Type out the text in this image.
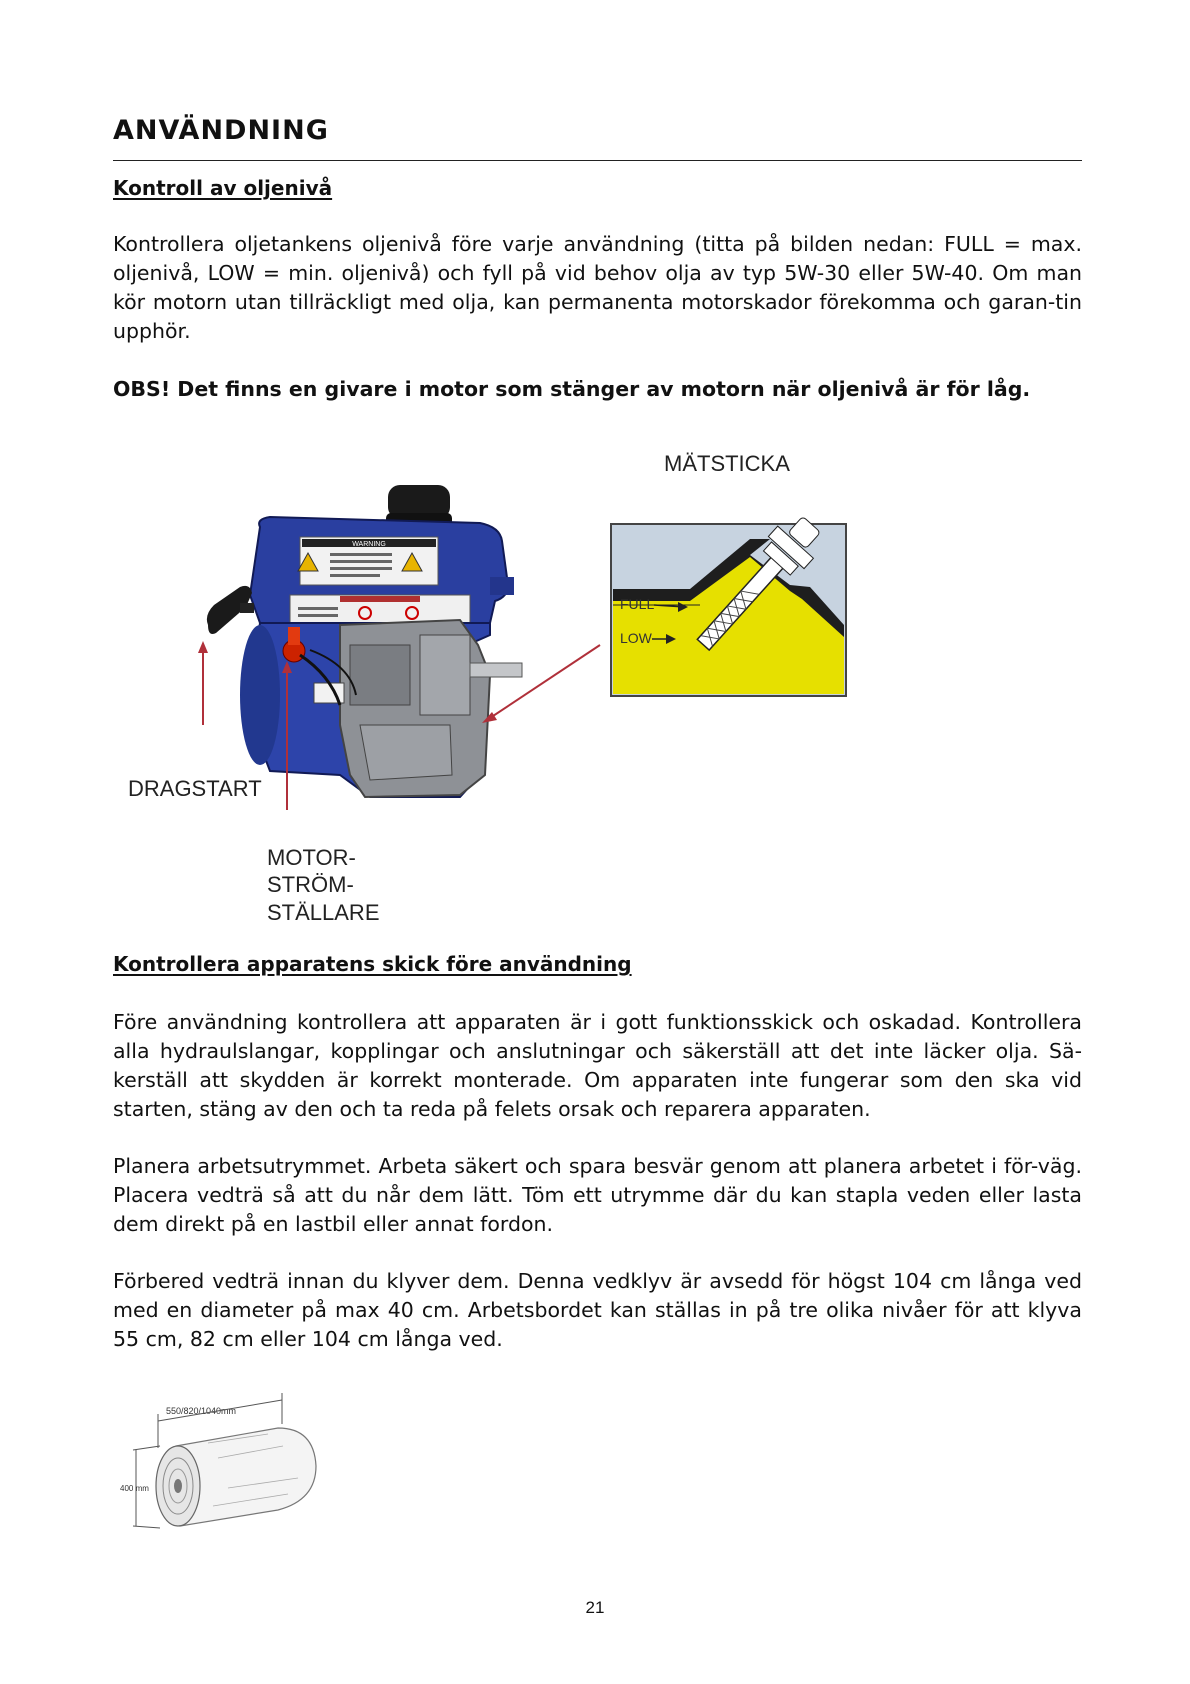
ANVÄNDNING
Kontroll av oljenivå
Kontrollera oljetankens oljenivå före varje användning (titta på bilden nedan: FULL = max. oljenivå, LOW = min. oljenivå) och fyll på vid behov olja av typ 5W-30 eller 5W-40. Om man kör motorn utan tillräckligt med olja, kan permanenta motorskador förekomma och garan-tin upphör.
OBS! Det finns en givare i motor som stänger av motorn när oljenivå är för låg.
MÄTSTICKA
WARNING
FULL
LOW
DRAGSTART
MOTOR-
STRÖM-
STÄLLARE
Kontrollera apparatens skick före användning
Före användning kontrollera att apparaten är i gott funktionsskick och oskadad. Kontrollera alla hydraulslangar, kopplingar och anslutningar och säkerställ att det inte läcker olja. Sä-kerställ att skydden är korrekt monterade. Om apparaten inte fungerar som den ska vid starten, stäng av den och ta reda på felets orsak och reparera apparaten.
Planera arbetsutrymmet. Arbeta säkert och spara besvär genom att planera arbetet i för-väg. Placera vedträ så att du når dem lätt. Töm ett utrymme där du kan stapla veden eller lasta dem direkt på en lastbil eller annat fordon.
Förbered vedträ innan du klyver dem. Denna vedklyv är avsedd för högst 104 cm långa ved med en diameter på max 40 cm. Arbetsbordet kan ställas in på tre olika nivåer för att klyva 55 cm, 82 cm eller 104 cm långa ved.
550/820/1040mm
400 mm
21
